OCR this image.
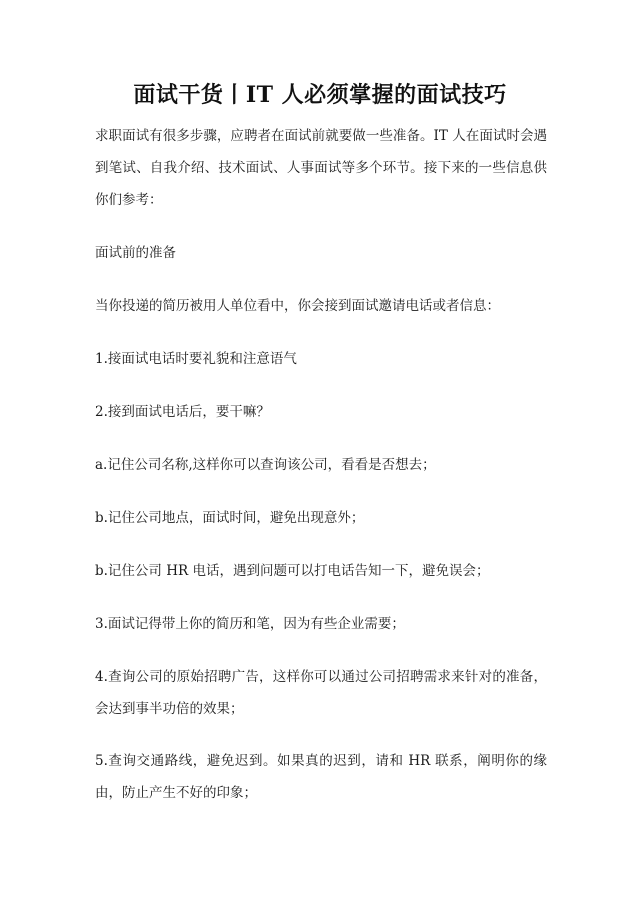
面试干货丨IT 人必须掌握的面试技巧

求职面试有很多步骤，应聘者在面试前就要做一些准备。IT 人在面试时会遇到笔试、自我介绍、技术面试、人事面试等多个环节。接下来的一些信息供你们参考：

面试前的准备

当你投递的简历被用人单位看中，你会接到面试邀请电话或者信息：

1.接面试电话时要礼貌和注意语气

2.接到面试电话后，要干嘛？

a.记住公司名称,这样你可以查询该公司，看看是否想去；

b.记住公司地点，面试时间，避免出现意外；

b.记住公司 HR 电话，遇到问题可以打电话告知一下，避免误会；

3.面试记得带上你的简历和笔，因为有些企业需要；

4.查询公司的原始招聘广告，这样你可以通过公司招聘需求来针对的准备，会达到事半功倍的效果；

5.查询交通路线，避免迟到。如果真的迟到，请和 HR 联系，阐明你的缘由，防止产生不好的印象；
